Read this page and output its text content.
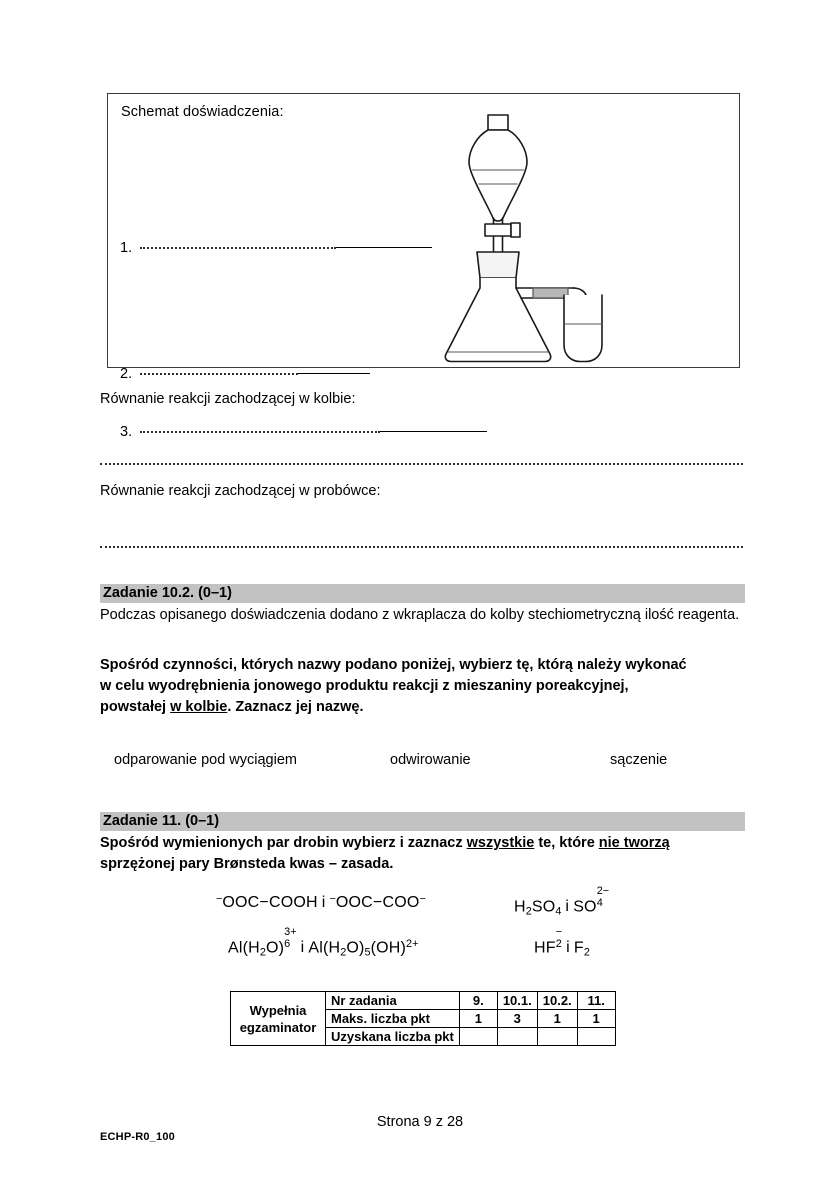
Schemat doświadczenia:
1.
2.
3.
Równanie reakcji zachodzącej w kolbie:
Równanie reakcji zachodzącej w probówce:
Zadanie 10.2. (0–1)
Podczas opisanego doświadczenia dodano z wkraplacza do kolby stechiometryczną ilość reagenta.
Spośród czynności, których nazwy podano poniżej, wybierz tę, którą należy wykonać
w celu wyodrębnienia jonowego produktu reakcji z mieszaniny poreakcyjnej,
powstałej w kolbie. Zaznacz jej nazwę.
odparowanie pod wyciągiem	odwirowanie	sączenie
Zadanie 11. (0–1)
Spośród wymienionych par drobin wybierz i zaznacz wszystkie te, które nie tworzą
sprzężonej pary Brønsteda kwas – zasada.
−OOC−COOH i −OOC−COO−	$H_2SO_4$ i SO
2−
4
$Al(H_2O)$
3+
6 i $Al(H_2O)_5(OH)^{2+}$	HF
−
2 i $F_2$
Wypełnia
egzaminator	Nr zadania	9.	10.1.	10.2.	11.
	Maks. liczba pkt	1	3	1	1
	Uzyskana liczba pkt				
Strona 9 z 28
ECHP-R0_100
